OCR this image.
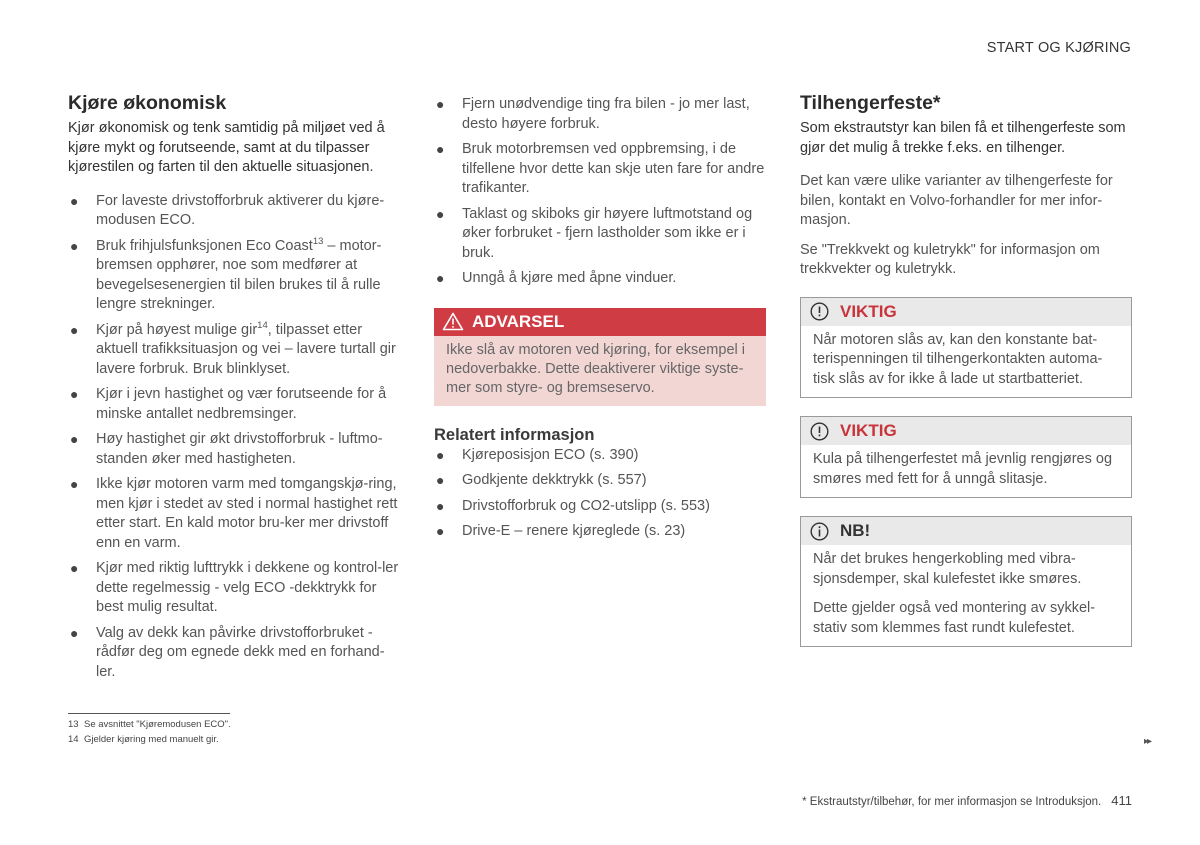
START OG KJØRING
Kjøre økonomisk

Kjør økonomisk og tenk samtidig på miljøet ved å kjøre mykt og forutseende, samt at du tilpasser kjørestilen og farten til den aktuelle situasjonen.

● For laveste drivstofforbruk aktiverer du kjøre-modusen ECO.
● Bruk frihjulsfunksjonen Eco Coast$^{13}$ – motor-bremsen opphører, noe som medfører at bevegelsesenergien til bilen brukes til å rulle lengre strekninger.
● Kjør på høyest mulige gir$^{14}$, tilpasset etter aktuell trafikksituasjon og vei – lavere turtall gir lavere forbruk. Bruk blinklyset.
● Kjør i jevn hastighet og vær forutseende for å minske antallet nedbremsinger.
● Høy hastighet gir økt drivstofforbruk - luftmo-standen øker med hastigheten.
● Ikke kjør motoren varm med tomgangskjø-ring, men kjør i stedet av sted i normal hastighet rett etter start. En kald motor bru-ker mer drivstoff enn en varm.
● Kjør med riktig lufttrykk i dekkene og kontrol-ler dette regelmessig - velg ECO -dekktrykk for best mulig resultat.
● Valg av dekk kan påvirke drivstofforbruket - rådfør deg om egnede dekk med en forhand-ler.
● Fjern unødvendige ting fra bilen - jo mer last, desto høyere forbruk.
● Bruk motorbremsen ved oppbremsing, i de tilfellene hvor dette kan skje uten fare for andre trafikanter.
● Taklast og skiboks gir høyere luftmotstand og øker forbruket - fjern lastholder som ikke er i bruk.
● Unngå å kjøre med åpne vinduer.
ADVARSEL
Ikke slå av motoren ved kjøring, for eksempel i nedoverbakke. Dette deaktiverer viktige syste-mer som styre- og bremseservo.
Relatert informasjon
● Kjøreposisjon ECO (s. 390)
● Godkjente dekktrykk (s. 557)
● Drivstofforbruk og CO2-utslipp (s. 553)
● Drive-E – renere kjøreglede (s. 23)
Tilhengerfeste*

Som ekstrautstyr kan bilen få et tilhengerfeste som gjør det mulig å trekke f.eks. en tilhenger.

Det kan være ulike varianter av tilhengerfeste for bilen, kontakt en Volvo-forhandler for mer infor-masjon.

Se "Trekkvekt og kuletrykk" for informasjon om trekkvekter og kuletrykk.

VIKTIG

Når motoren slås av, kan den konstante bat-terispenningen til tilhengerkontakten automa-tisk slås av for ikke å lade ut startbatteriet.

VIKTIG

Kula på tilhengerfestet må jevnlig rengjøres og smøres med fett for å unngå slitasje.

NB!

Når det brukes hengerkobling med vibra-sjonsdemper, skal kulefestet ikke smøres.

Dette gjelder også ved montering av sykkel-stativ som klemmes fast rundt kulefestet.

13 Se avsnittet "Kjøremodusen ECO".
14 Gjelder kjøring med manuelt gir.	▸▸
* Ekstrautstyr/tilbehør, for mer informasjon se Introduksjon. 411
